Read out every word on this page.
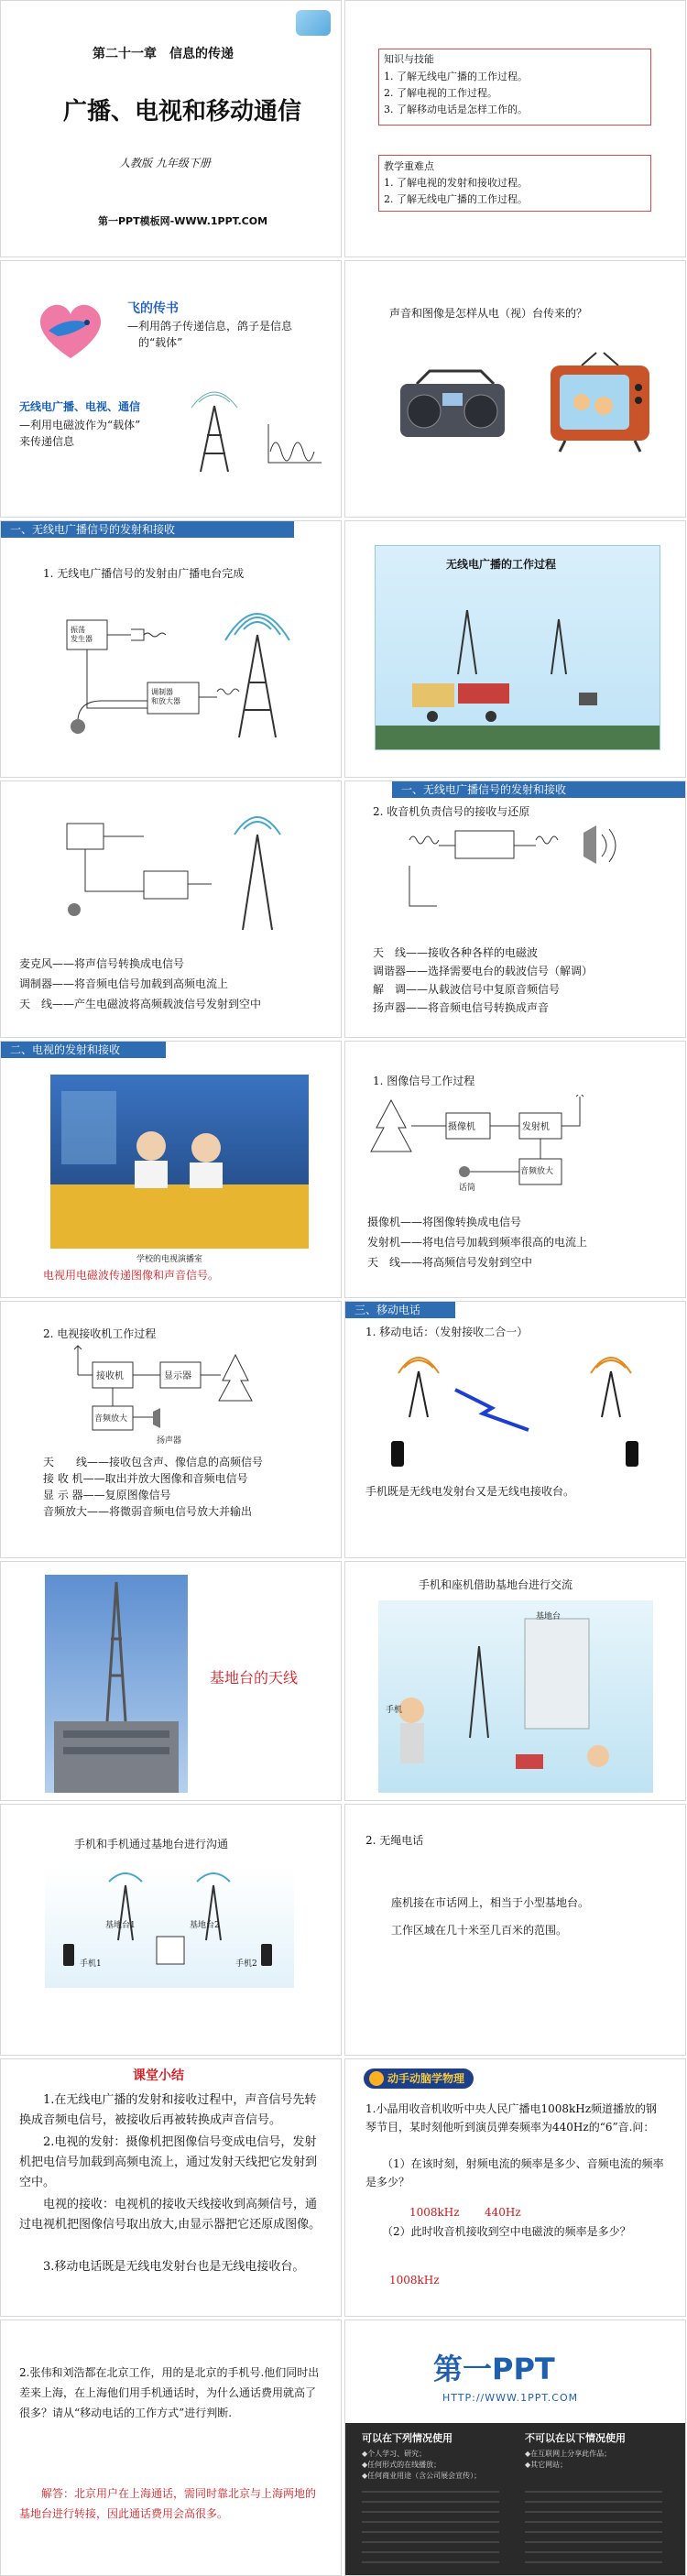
第二十一章　信息的传递
广播、电视和移动通信
人教版 九年级下册
第一PPT模板网-WWW.1PPT.COM
知识与技能
1. 了解无线电广播的工作过程。
2. 了解电视的工作过程。
3. 了解移动电话是怎样工作的。
教学重难点
1. 了解电视的发射和接收过程。
2. 了解无线电广播的工作过程。
飞的传书
—利用鸽子传递信息，鸽子是信息
的“载体”
无线电广播、电视、通信
—利用电磁波作为“载体”
来传递信息
声音和图像是怎样从电（视）台传来的？
一、无线电广播信号的发射和接收
1. 无线电广播信号的发射由广播电台完成
振荡
发生器
调制器
和放大器
无线电广播的工作过程
麦克风——将声信号转换成电信号
调制器——将音频电信号加载到高频电流上
天　线——产生电磁波将高频载波信号发射到空中
一、无线电广播信号的发射和接收
2. 收音机负责信号的接收与还原
天　线——接收各种各样的电磁波
调谐器——选择需要电台的载波信号（解调）
解　调——从载波信号中复原音频信号
扬声器——将音频电信号转换成声音
二、电视的发射和接收
学校的电视演播室
电视用电磁波传递图像和声音信号。
1. 图像信号工作过程
摄像机	发射机
音频放大
话筒
摄像机——将图像转换成电信号
发射机——将电信号加载到频率很高的电流上
天　线——将高频信号发射到空中
2. 电视接收机工作过程
接收机	显示器
音频放大
扬声器
天　　线——接收包含声、像信息的高频信号
接 收 机——取出并放大图像和音频电信号
显 示 器——复原图像信号
音频放大——将微弱音频电信号放大并输出
三、移动电话
1. 移动电话：（发射接收二合一）
手机既是无线电发射台又是无线电接收台。
基地台的天线
手机和座机借助基地台进行交流
基地台
手机
手机和手机通过基地台进行沟通
基地台1	基地台2
手机1	手机2
2. 无绳电话
座机接在市话网上，相当于小型基地台。
工作区域在几十米至几百米的范围。
课堂小结
1.在无线电广播的发射和接收过程中，声音信号先转换成音频电信号，被接收后再被转换成声音信号。
2.电视的发射：摄像机把图像信号变成电信号，发射机把电信号加载到高频电流上，通过发射天线把它发射到空中。
电视的接收：电视机的接收天线接收到高频信号，通过电视机把图像信号取出放大,由显示器把它还原成图像。
3.移动电话既是无线电发射台也是无线电接收台。
动手动脑学物理
1.小晶用收音机收听中央人民广播电1008kHz频道播放的钢琴节目，某时刻他听到演员弹奏频率为440Hz的“6”音.问：
（1）在该时刻，射频电流的频率是多少、音频电流的频率是多少？
1008kHz 440Hz
（2）此时收音机接收到空中电磁波的频率是多少？
1008kHz
2.张伟和刘浩都在北京工作，用的是北京的手机号.他们同时出差来上海，在上海他们用手机通话时，为什么通话费用就高了很多？请从“移动电话的工作方式”进行判断.
解答：北京用户在上海通话，需同时靠北京与上海两地的基地台进行转接，因此通话费用会高很多。
第一PPT
HTTP://WWW.1PPT.COM
可以在下列情况使用	不可以在以下情况使用
◆个人学习、研究；
◆任何形式的在线播放；
◆任何商业用途（含公司展会宣传）；
◆在互联网上分享此作品；
◆其它网站；
